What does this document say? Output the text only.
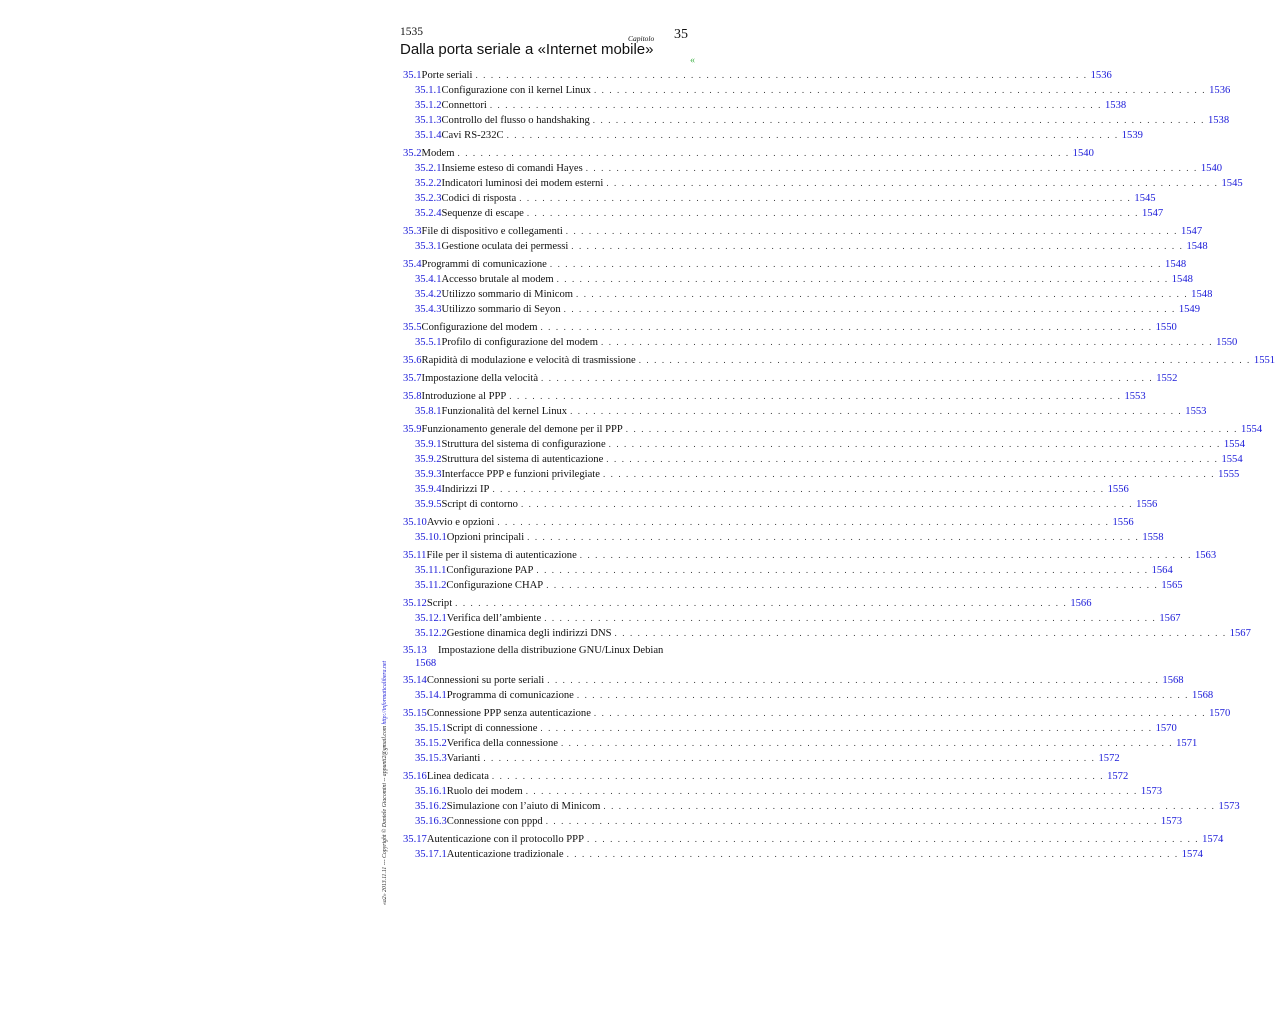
1535
Capitolo 35
Dalla porta seriale a «Internet mobile»
«
35.1 Porte seriali . . . . . . . . . . . . . . . . . . . . . . . . . . . . . . . . . . . . . . . . . . . . . . . . . . . . . . . . . . . . . . . . . . . . . . . . . . . . . . . . 1536
35.1.1 Configurazione con il kernel Linux . . . . . . . . . . . . . . . . . . . . . . . . . . . . . . . . . . . . . . . . . . . . . . . . . . . . . . . . . . . . . . . . . . . . . . . . . . . . . . . . 1536
35.1.2 Connettori . . . . . . . . . . . . . . . . . . . . . . . . . . . . . . . . . . . . . . . . . . . . . . . . . . . . . . . . . . . . . . . . . . . . . . . . . . . . . . . . 1538
35.1.3 Controllo del flusso o handshaking . . . . . . . . . . . . . . . . . . . . . . . . . . . . . . . . . . . . . . . . . . . . . . . . . . . . . . . . . . . . . . . . . . . . . . . . . . . . . . . . 1538
35.1.4 Cavi RS-232C . . . . . . . . . . . . . . . . . . . . . . . . . . . . . . . . . . . . . . . . . . . . . . . . . . . . . . . . . . . . . . . . . . . . . . . . . . . . . . . . 1539
35.2 Modem . . . . . . . . . . . . . . . . . . . . . . . . . . . . . . . . . . . . . . . . . . . . . . . . . . . . . . . . . . . . . . . . . . . . . . . . . . . . . . . . 1540
35.2.1 Insieme esteso di comandi Hayes . . . . . . . . . . . . . . . . . . . . . . . . . . . . . . . . . . . . . . . . . . . . . . . . . . . . . . . . . . . . . . . . . . . . . . . . . . . . . . . . 1540
35.2.2 Indicatori luminosi dei modem esterni . . . . . . . . . . . . . . . . . . . . . . . . . . . . . . . . . . . . . . . . . . . . . . . . . . . . . . . . . . . . . . . . . . . . . . . . . . . . . . . . 1545
35.2.3 Codici di risposta . . . . . . . . . . . . . . . . . . . . . . . . . . . . . . . . . . . . . . . . . . . . . . . . . . . . . . . . . . . . . . . . . . . . . . . . . . . . . . . . 1545
35.2.4 Sequenze di escape . . . . . . . . . . . . . . . . . . . . . . . . . . . . . . . . . . . . . . . . . . . . . . . . . . . . . . . . . . . . . . . . . . . . . . . . . . . . . . . . 1547
35.3 File di dispositivo e collegamenti . . . . . . . . . . . . . . . . . . . . . . . . . . . . . . . . . . . . . . . . . . . . . . . . . . . . . . . . . . . . . . . . . . . . . . . . . . . . . . . . 1547
35.3.1 Gestione oculata dei permessi . . . . . . . . . . . . . . . . . . . . . . . . . . . . . . . . . . . . . . . . . . . . . . . . . . . . . . . . . . . . . . . . . . . . . . . . . . . . . . . . 1548
35.4 Programmi di comunicazione . . . . . . . . . . . . . . . . . . . . . . . . . . . . . . . . . . . . . . . . . . . . . . . . . . . . . . . . . . . . . . . . . . . . . . . . . . . . . . . . 1548
35.4.1 Accesso brutale al modem . . . . . . . . . . . . . . . . . . . . . . . . . . . . . . . . . . . . . . . . . . . . . . . . . . . . . . . . . . . . . . . . . . . . . . . . . . . . . . . . 1548
35.4.2 Utilizzo sommario di Minicom . . . . . . . . . . . . . . . . . . . . . . . . . . . . . . . . . . . . . . . . . . . . . . . . . . . . . . . . . . . . . . . . . . . . . . . . . . . . . . . . 1548
35.4.3 Utilizzo sommario di Seyon . . . . . . . . . . . . . . . . . . . . . . . . . . . . . . . . . . . . . . . . . . . . . . . . . . . . . . . . . . . . . . . . . . . . . . . . . . . . . . . . 1549
35.5 Configurazione del modem . . . . . . . . . . . . . . . . . . . . . . . . . . . . . . . . . . . . . . . . . . . . . . . . . . . . . . . . . . . . . . . . . . . . . . . . . . . . . . . . 1550
35.5.1 Profilo di configurazione del modem . . . . . . . . . . . . . . . . . . . . . . . . . . . . . . . . . . . . . . . . . . . . . . . . . . . . . . . . . . . . . . . . . . . . . . . . . . . . . . . . 1550
35.6 Rapidità di modulazione e velocità di trasmissione . . . . . . . . . . . . . . . . . . . . . . . . . . . . . . . . . . . . . . . . . . . . . . . . . . . . . . . . . . . . . . . . . . . . . . . . . . . . . . . . 1551
35.7 Impostazione della velocità . . . . . . . . . . . . . . . . . . . . . . . . . . . . . . . . . . . . . . . . . . . . . . . . . . . . . . . . . . . . . . . . . . . . . . . . . . . . . . . . 1552
35.8 Introduzione al PPP . . . . . . . . . . . . . . . . . . . . . . . . . . . . . . . . . . . . . . . . . . . . . . . . . . . . . . . . . . . . . . . . . . . . . . . . . . . . . . . . 1553
35.8.1 Funzionalità del kernel Linux . . . . . . . . . . . . . . . . . . . . . . . . . . . . . . . . . . . . . . . . . . . . . . . . . . . . . . . . . . . . . . . . . . . . . . . . . . . . . . . . 1553
35.9 Funzionamento generale del demone per il PPP . . . . . . . . . . . . . . . . . . . . . . . . . . . . . . . . . . . . . . . . . . . . . . . . . . . . . . . . . . . . . . . . . . . . . . . . . . . . . . . . 1554
35.9.1 Struttura del sistema di configurazione . . . . . . . . . . . . . . . . . . . . . . . . . . . . . . . . . . . . . . . . . . . . . . . . . . . . . . . . . . . . . . . . . . . . . . . . . . . . . . . . 1554
35.9.2 Struttura del sistema di autenticazione . . . . . . . . . . . . . . . . . . . . . . . . . . . . . . . . . . . . . . . . . . . . . . . . . . . . . . . . . . . . . . . . . . . . . . . . . . . . . . . . 1554
35.9.3 Interfacce PPP e funzioni privilegiate . . . . . . . . . . . . . . . . . . . . . . . . . . . . . . . . . . . . . . . . . . . . . . . . . . . . . . . . . . . . . . . . . . . . . . . . . . . . . . . . 1555
35.9.4 Indirizzi IP . . . . . . . . . . . . . . . . . . . . . . . . . . . . . . . . . . . . . . . . . . . . . . . . . . . . . . . . . . . . . . . . . . . . . . . . . . . . . . . . 1556
35.9.5 Script di contorno . . . . . . . . . . . . . . . . . . . . . . . . . . . . . . . . . . . . . . . . . . . . . . . . . . . . . . . . . . . . . . . . . . . . . . . . . . . . . . . . 1556
35.10 Avvio e opzioni . . . . . . . . . . . . . . . . . . . . . . . . . . . . . . . . . . . . . . . . . . . . . . . . . . . . . . . . . . . . . . . . . . . . . . . . . . . . . . . . 1556
35.10.1 Opzioni principali . . . . . . . . . . . . . . . . . . . . . . . . . . . . . . . . . . . . . . . . . . . . . . . . . . . . . . . . . . . . . . . . . . . . . . . . . . . . . . . . 1558
35.11 File per il sistema di autenticazione . . . . . . . . . . . . . . . . . . . . . . . . . . . . . . . . . . . . . . . . . . . . . . . . . . . . . . . . . . . . . . . . . . . . . . . . . . . . . . . . 1563
35.11.1 Configurazione PAP . . . . . . . . . . . . . . . . . . . . . . . . . . . . . . . . . . . . . . . . . . . . . . . . . . . . . . . . . . . . . . . . . . . . . . . . . . . . . . . . 1564
35.11.2 Configurazione CHAP . . . . . . . . . . . . . . . . . . . . . . . . . . . . . . . . . . . . . . . . . . . . . . . . . . . . . . . . . . . . . . . . . . . . . . . . . . . . . . . . 1565
35.12 Script . . . . . . . . . . . . . . . . . . . . . . . . . . . . . . . . . . . . . . . . . . . . . . . . . . . . . . . . . . . . . . . . . . . . . . . . . . . . . . . . 1566
35.12.1 Verifica dell’ambiente . . . . . . . . . . . . . . . . . . . . . . . . . . . . . . . . . . . . . . . . . . . . . . . . . . . . . . . . . . . . . . . . . . . . . . . . . . . . . . . . 1567
35.12.2 Gestione dinamica degli indirizzi DNS . . . . . . . . . . . . . . . . . . . . . . . . . . . . . . . . . . . . . . . . . . . . . . . . . . . . . . . . . . . . . . . . . . . . . . . . . . . . . . . . 1567
35.13 Impostazione della distribuzione GNU/Linux Debian
1568
35.14 Connessioni su porte seriali . . . . . . . . . . . . . . . . . . . . . . . . . . . . . . . . . . . . . . . . . . . . . . . . . . . . . . . . . . . . . . . . . . . . . . . . . . . . . . . . 1568
35.14.1 Programma di comunicazione . . . . . . . . . . . . . . . . . . . . . . . . . . . . . . . . . . . . . . . . . . . . . . . . . . . . . . . . . . . . . . . . . . . . . . . . . . . . . . . . 1568
35.15 Connessione PPP senza autenticazione . . . . . . . . . . . . . . . . . . . . . . . . . . . . . . . . . . . . . . . . . . . . . . . . . . . . . . . . . . . . . . . . . . . . . . . . . . . . . . . . 1570
35.15.1 Script di connessione . . . . . . . . . . . . . . . . . . . . . . . . . . . . . . . . . . . . . . . . . . . . . . . . . . . . . . . . . . . . . . . . . . . . . . . . . . . . . . . . 1570
35.15.2 Verifica della connessione . . . . . . . . . . . . . . . . . . . . . . . . . . . . . . . . . . . . . . . . . . . . . . . . . . . . . . . . . . . . . . . . . . . . . . . . . . . . . . . . 1571
35.15.3 Varianti . . . . . . . . . . . . . . . . . . . . . . . . . . . . . . . . . . . . . . . . . . . . . . . . . . . . . . . . . . . . . . . . . . . . . . . . . . . . . . . . 1572
35.16 Linea dedicata . . . . . . . . . . . . . . . . . . . . . . . . . . . . . . . . . . . . . . . . . . . . . . . . . . . . . . . . . . . . . . . . . . . . . . . . . . . . . . . . 1572
35.16.1 Ruolo dei modem . . . . . . . . . . . . . . . . . . . . . . . . . . . . . . . . . . . . . . . . . . . . . . . . . . . . . . . . . . . . . . . . . . . . . . . . . . . . . . . . 1573
35.16.2 Simulazione con l’aiuto di Minicom . . . . . . . . . . . . . . . . . . . . . . . . . . . . . . . . . . . . . . . . . . . . . . . . . . . . . . . . . . . . . . . . . . . . . . . . . . . . . . . . 1573
35.16.3 Connessione con pppd . . . . . . . . . . . . . . . . . . . . . . . . . . . . . . . . . . . . . . . . . . . . . . . . . . . . . . . . . . . . . . . . . . . . . . . . . . . . . . . . 1573
35.17 Autenticazione con il protocollo PPP . . . . . . . . . . . . . . . . . . . . . . . . . . . . . . . . . . . . . . . . . . . . . . . . . . . . . . . . . . . . . . . . . . . . . . . . . . . . . . . . 1574
35.17.1 Autenticazione tradizionale . . . . . . . . . . . . . . . . . . . . . . . . . . . . . . . . . . . . . . . . . . . . . . . . . . . . . . . . . . . . . . . . . . . . . . . . . . . . . . . . 1574
«a2» 2013.11.11 --- Copyright © Daniele Giacomini -- appunti2@gmail.com http://informaticalibera.net
